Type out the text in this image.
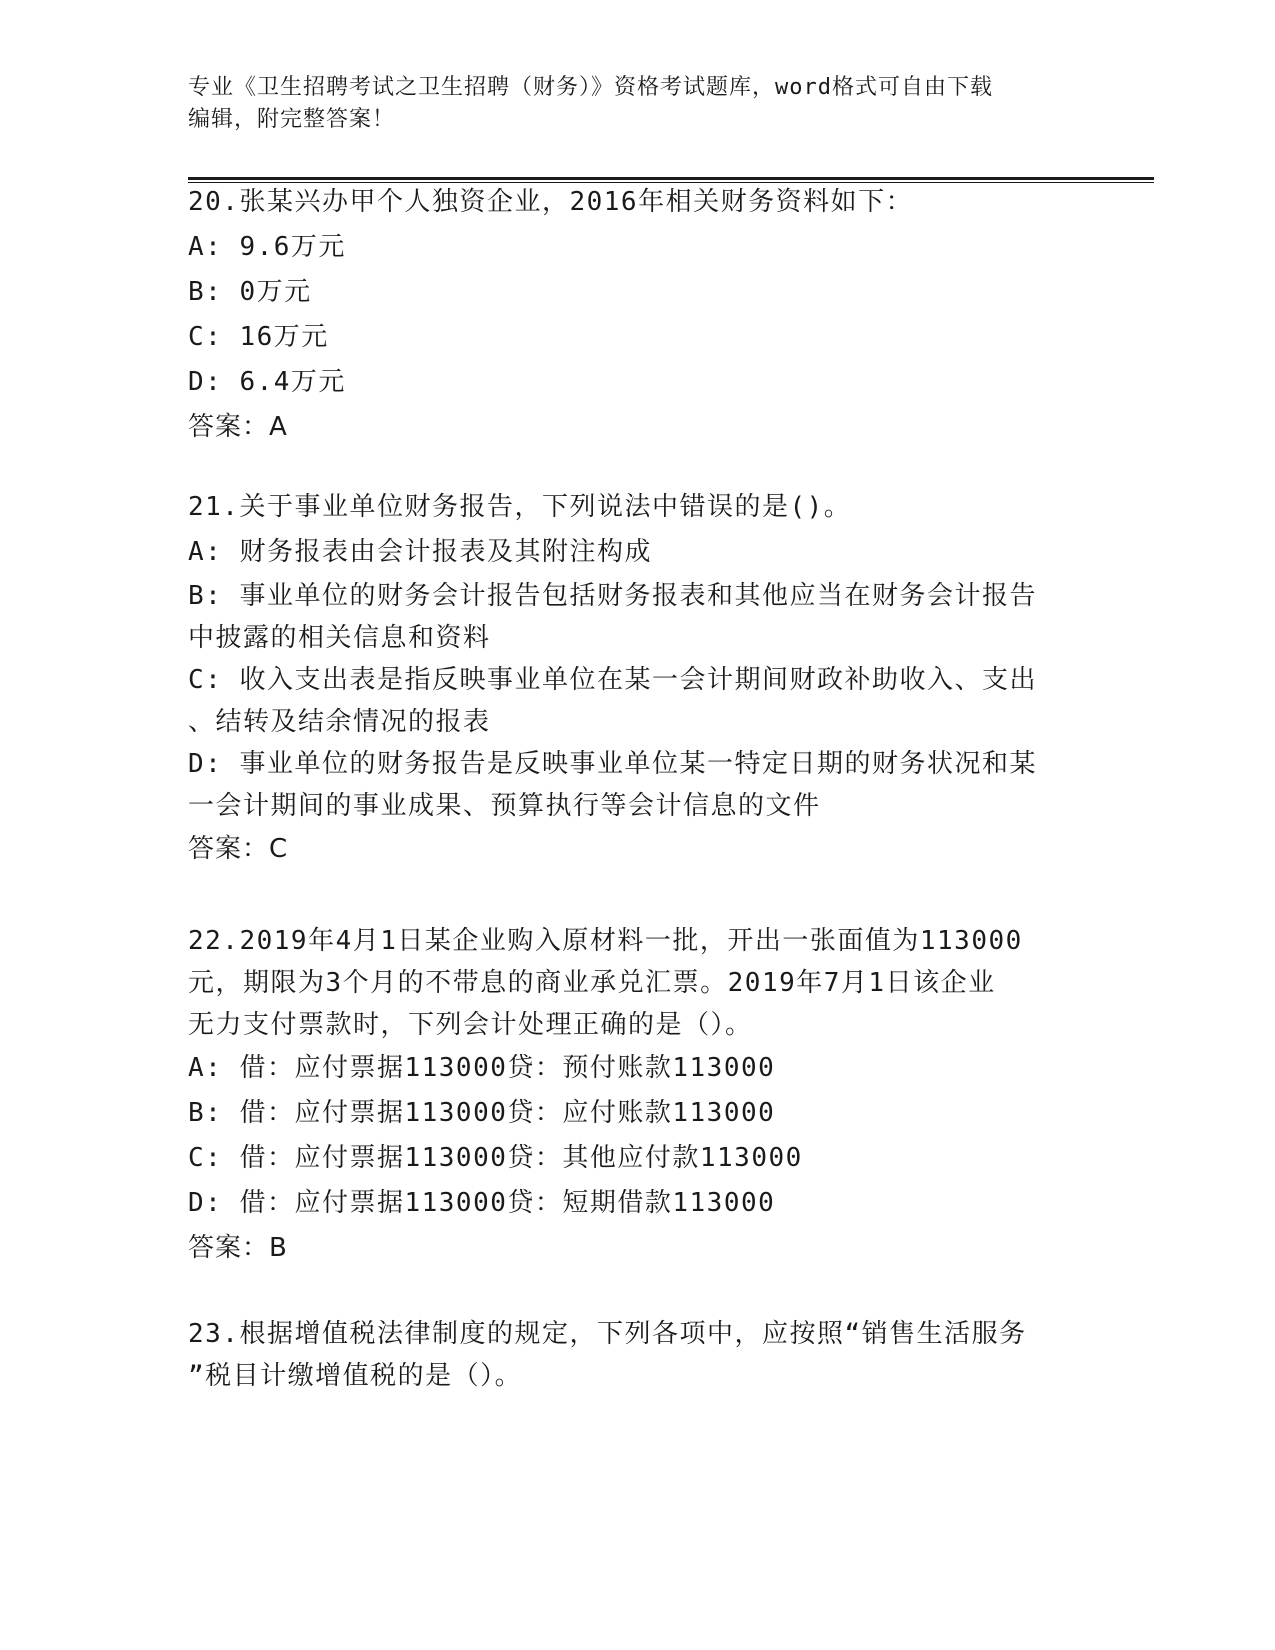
专业《卫生招聘考试之卫生招聘（财务）》资格考试题库，word格式可自由下载
编辑，附完整答案！
20.张某兴办甲个人独资企业，2016年相关财务资料如下：
A: 9.6万元
B: 0万元
C: 16万元
D: 6.4万元
答案：A
21.关于事业单位财务报告，下列说法中错误的是()。
A: 财务报表由会计报表及其附注构成
B: 事业单位的财务会计报告包括财务报表和其他应当在财务会计报告
中披露的相关信息和资料
C: 收入支出表是指反映事业单位在某一会计期间财政补助收入、支出
、结转及结余情况的报表
D: 事业单位的财务报告是反映事业单位某一特定日期的财务状况和某
一会计期间的事业成果、预算执行等会计信息的文件
答案：C
22.2019年4月1日某企业购入原材料一批，开出一张面值为113000
元，期限为3个月的不带息的商业承兑汇票。2019年7月1日该企业
无力支付票款时，下列会计处理正确的是（）。
A: 借：应付票据113000贷：预付账款113000
B: 借：应付票据113000贷：应付账款113000
C: 借：应付票据113000贷：其他应付款113000
D: 借：应付票据113000贷：短期借款113000
答案：B
23.根据增值税法律制度的规定，下列各项中，应按照“销售生活服务
”税目计缴增值税的是（）。
